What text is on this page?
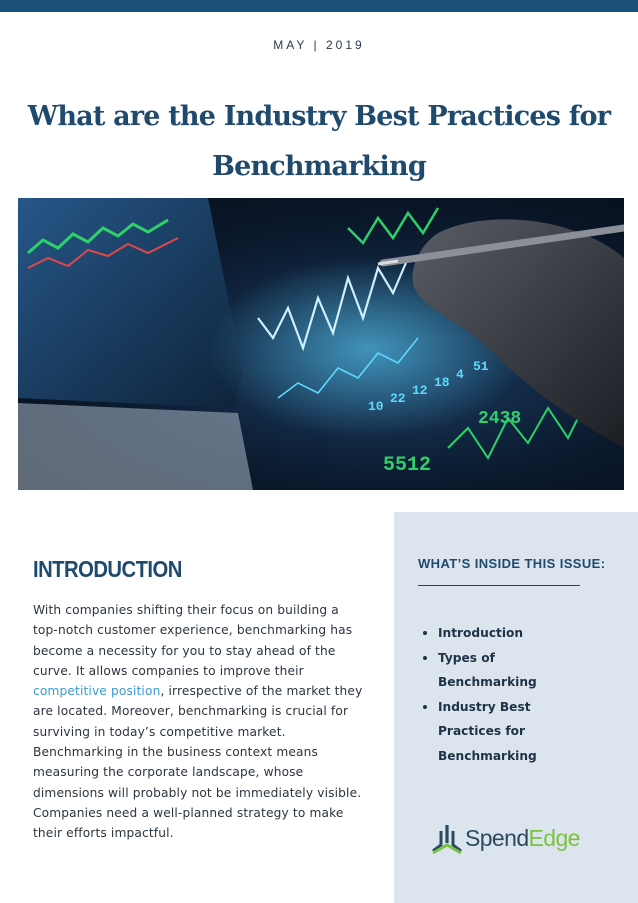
MAY | 2019
What are the Industry Best Practices for
Benchmarking
10
22
12
18
4
51
5512
2438
INTRODUCTION

With companies shifting their focus on building a top-notch customer experience, benchmarking has become a necessity for you to stay ahead of the curve. It allows companies to improve their competitive position, irrespective of the market they are located. Moreover, benchmarking is crucial for surviving in today’s competitive market.

Benchmarking in the business context means measuring the corporate landscape, whose dimensions will probably not be immediately visible. Companies need a well-planned strategy to make their efforts impactful.

WHAT’S INSIDE THIS ISSUE:
Introduction
Types of Benchmarking
Industry Best Practices for Benchmarking
SpendEdge
